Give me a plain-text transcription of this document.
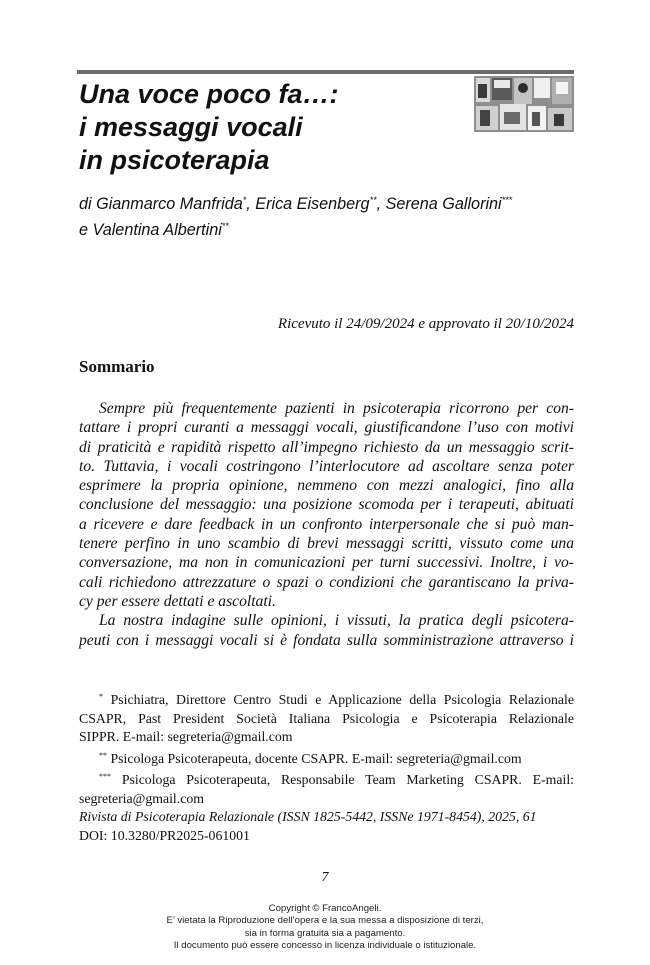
Una voce poco fa…:
i messaggi vocali
in psicoterapia
di Gianmarco Manfrida*, Erica Eisenberg**, Serena Gallorini***
e Valentina Albertini**
Ricevuto il 24/09/2024 e approvato il 20/10/2024
Sommario
Sempre più frequentemente pazienti in psicoterapia ricorrono per con-
tattare i propri curanti a messaggi vocali, giustificandone l’uso con motivi
di praticità e rapidità rispetto all’impegno richiesto da un messaggio scrit-
to. Tuttavia, i vocali costringono l’interlocutore ad ascoltare senza poter
esprimere la propria opinione, nemmeno con mezzi analogici, fino alla
conclusione del messaggio: una posizione scomoda per i terapeuti, abituati
a ricevere e dare feedback in un confronto interpersonale che si può man-
tenere perfino in uno scambio di brevi messaggi scritti, vissuto come una
conversazione, ma non in comunicazioni per turni successivi. Inoltre, i vo-
cali richiedono attrezzature o spazi o condizioni che garantiscano la priva-
cy per essere dettati e ascoltati.
La nostra indagine sulle opinioni, i vissuti, la pratica degli psicotera-
peuti con i messaggi vocali si è fondata sulla somministrazione attraverso i
* Psichiatra, Direttore Centro Studi e Applicazione della Psicologia Relazionale
CSAPR, Past President Società Italiana Psicologia e Psicoterapia Relazionale
SIPPR. E-mail: segreteria@gmail.com
** Psicologa Psicoterapeuta, docente CSAPR. E-mail: segreteria@gmail.com
*** Psicologa Psicoterapeuta, Responsabile Team Marketing CSAPR. E-mail:
segreteria@gmail.com
Rivista di Psicoterapia Relazionale (ISSN 1825-5442, ISSNe 1971-8454), 2025, 61
DOI: 10.3280/PR2025-061001
7
Copyright © FrancoAngeli.
E’ vietata la Riproduzione dell’opera e la sua messa a disposizione di terzi,
sia in forma gratuita sia a pagamento.
Il documento può essere concesso in licenza individuale o istituzionale.
